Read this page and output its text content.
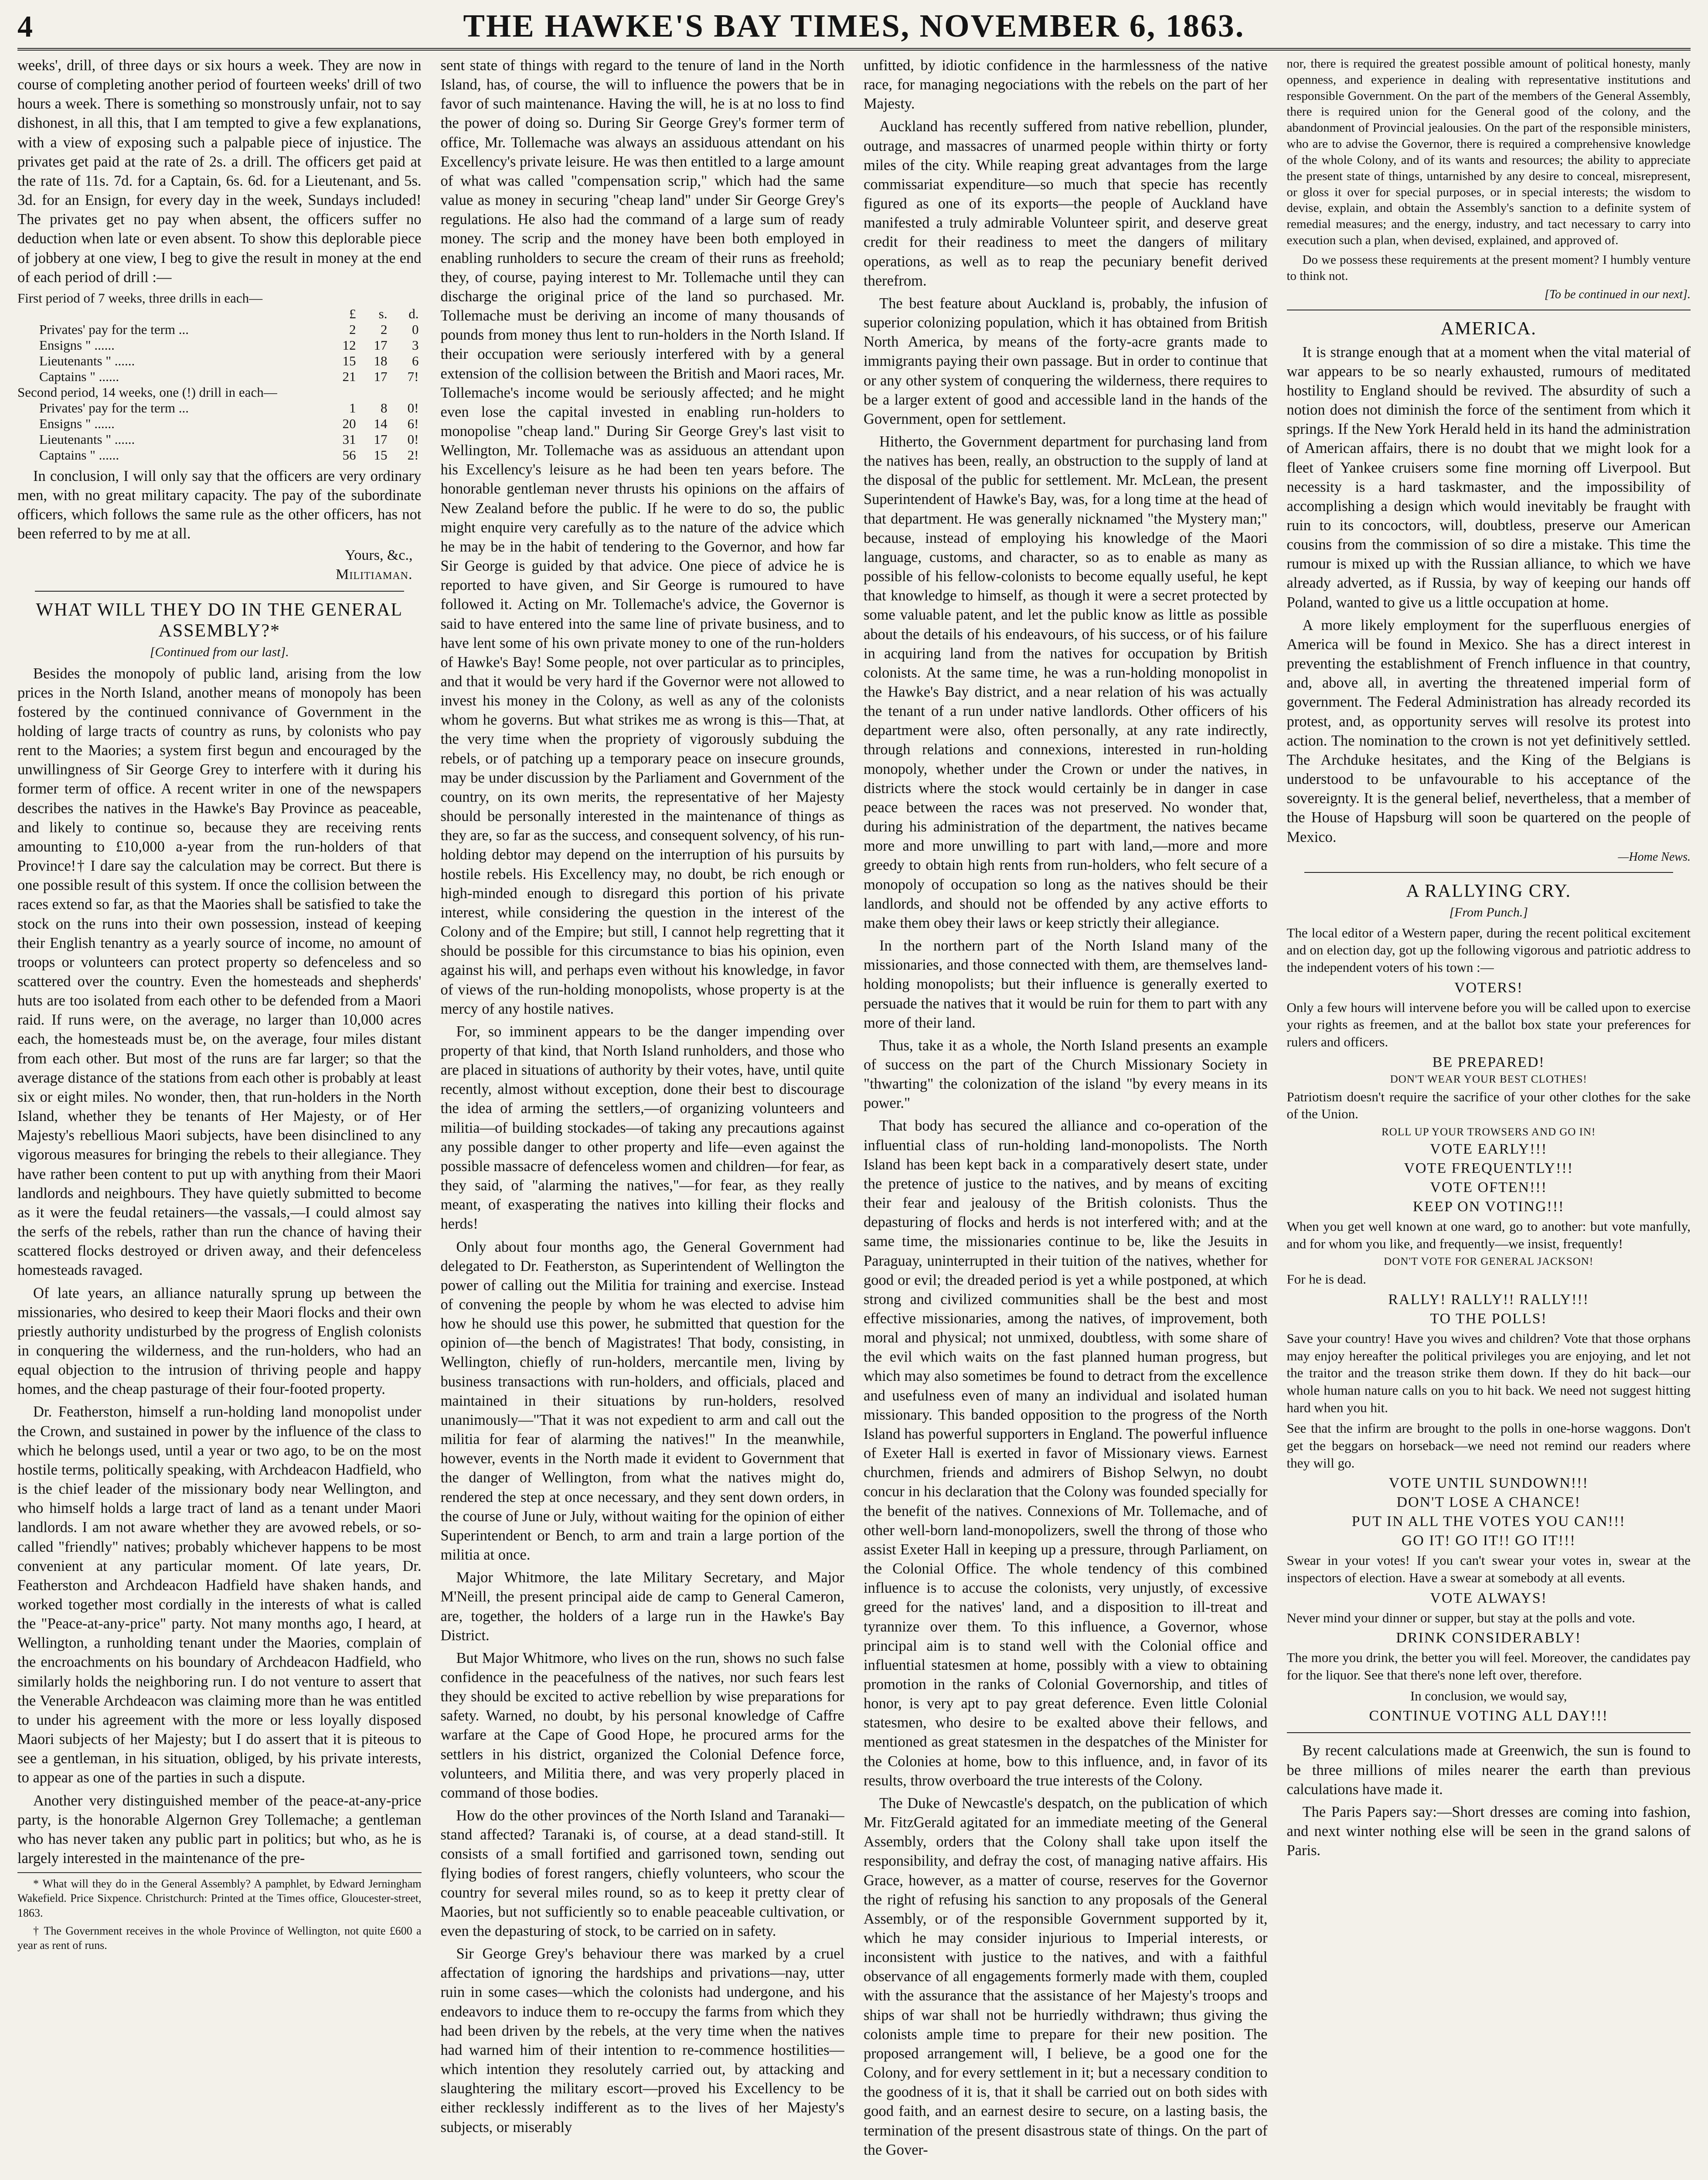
4	THE HAWKE'S BAY TIMES, NOVEMBER 6, 1863.

weeks', drill, of three days or six hours a week. They are now in course of completing another period of fourteen weeks' drill of two hours a week. There is something so monstrously unfair, not to say dishonest, in all this, that I am tempted to give a few explanations, with a view of exposing such a palpable piece of injustice. The privates get paid at the rate of 2s. a drill. The officers get paid at the rate of 11s. 7d. for a Captain, 6s. 6d. for a Lieutenant, and 5s. 3d. for an Ensign, for every day in the week, Sundays included! The privates get no pay when absent, the officers suffer no deduction when late or even absent. To show this deplorable piece of jobbery at one view, I beg to give the result in money at the end of each period of drill :—

First period of 7 weeks, three drills in each—			
	£	s.	d.
Privates' pay for the term ...	2	2	0
Ensigns " ......	12	17	3
Lieutenants " ......	15	18	6
Captains " ......	21	17	7!
Second period, 14 weeks, one (!) drill in each—			
Privates' pay for the term ...	1	8	0!
Ensigns " ......	20	14	6!
Lieutenants " ......	31	17	0!
Captains " ......	56	15	2!

In conclusion, I will only say that the officers are very ordinary men, with no great military capacity. The pay of the subordinate officers, which follows the same rule as the other officers, has not been referred to by me at all.

Yours, &c.,
Militiaman.
WHAT WILL THEY DO IN THE GENERAL ASSEMBLY?*
[Continued from our last].

Besides the monopoly of public land, arising from the low prices in the North Island, another means of monopoly has been fostered by the continued connivance of Government in the holding of large tracts of country as runs, by colonists who pay rent to the Maories; a system first begun and encouraged by the unwillingness of Sir George Grey to interfere with it during his former term of office. A recent writer in one of the newspapers describes the natives in the Hawke's Bay Province as peaceable, and likely to continue so, because they are receiving rents amounting to £10,000 a-year from the run-holders of that Province!† I dare say the calculation may be correct. But there is one possible result of this system. If once the collision between the races extend so far, as that the Maories shall be satisfied to take the stock on the runs into their own possession, instead of keeping their English tenantry as a yearly source of income, no amount of troops or volunteers can protect property so defenceless and so scattered over the country. Even the homesteads and shepherds' huts are too isolated from each other to be defended from a Maori raid. If runs were, on the average, no larger than 10,000 acres each, the homesteads must be, on the average, four miles distant from each other. But most of the runs are far larger; so that the average distance of the stations from each other is probably at least six or eight miles. No wonder, then, that run-holders in the North Island, whether they be tenants of Her Majesty, or of Her Majesty's rebellious Maori subjects, have been disinclined to any vigorous measures for bringing the rebels to their allegiance. They have rather been content to put up with anything from their Maori landlords and neighbours. They have quietly submitted to become as it were the feudal retainers—the vassals,—I could almost say the serfs of the rebels, rather than run the chance of having their scattered flocks destroyed or driven away, and their defenceless homesteads ravaged.

Of late years, an alliance naturally sprung up between the missionaries, who desired to keep their Maori flocks and their own priestly authority undisturbed by the progress of English colonists in conquering the wilderness, and the run-holders, who had an equal objection to the intrusion of thriving people and happy homes, and the cheap pasturage of their four-footed property.

Dr. Featherston, himself a run-holding land monopolist under the Crown, and sustained in power by the influence of the class to which he belongs used, until a year or two ago, to be on the most hostile terms, politically speaking, with Archdeacon Hadfield, who is the chief leader of the missionary body near Wellington, and who himself holds a large tract of land as a tenant under Maori landlords. I am not aware whether they are avowed rebels, or so-called "friendly" natives; probably whichever happens to be most convenient at any particular moment. Of late years, Dr. Featherston and Archdeacon Hadfield have shaken hands, and worked together most cordially in the interests of what is called the "Peace-at-any-price" party. Not many months ago, I heard, at Wellington, a runholding tenant under the Maories, complain of the encroachments on his boundary of Archdeacon Hadfield, who similarly holds the neighboring run. I do not venture to assert that the Venerable Archdeacon was claiming more than he was entitled to under his agreement with the more or less loyally disposed Maori subjects of her Majesty; but I do assert that it is piteous to see a gentleman, in his situation, obliged, by his private interests, to appear as one of the parties in such a dispute.

Another very distinguished member of the peace-at-any-price party, is the honorable Algernon Grey Tollemache; a gentleman who has never taken any public part in politics; but who, as he is largely interested in the maintenance of the pre-

* What will they do in the General Assembly? A pamphlet, by Edward Jerningham Wakefield. Price Sixpence. Christchurch: Printed at the Times office, Gloucester-street, 1863.

† The Government receives in the whole Province of Wellington, not quite £600 a year as rent of runs.

sent state of things with regard to the tenure of land in the North Island, has, of course, the will to influence the powers that be in favor of such maintenance. Having the will, he is at no loss to find the power of doing so. During Sir George Grey's former term of office, Mr. Tollemache was always an assiduous attendant on his Excellency's private leisure. He was then entitled to a large amount of what was called "compensation scrip," which had the same value as money in securing "cheap land" under Sir George Grey's regulations. He also had the command of a large sum of ready money. The scrip and the money have been both employed in enabling runholders to secure the cream of their runs as freehold; they, of course, paying interest to Mr. Tollemache until they can discharge the original price of the land so purchased. Mr. Tollemache must be deriving an income of many thousands of pounds from money thus lent to run-holders in the North Island. If their occupation were seriously interfered with by a general extension of the collision between the British and Maori races, Mr. Tollemache's income would be seriously affected; and he might even lose the capital invested in enabling run-holders to monopolise "cheap land." During Sir George Grey's last visit to Wellington, Mr. Tollemache was as assiduous an attendant upon his Excellency's leisure as he had been ten years before. The honorable gentleman never thrusts his opinions on the affairs of New Zealand before the public. If he were to do so, the public might enquire very carefully as to the nature of the advice which he may be in the habit of tendering to the Governor, and how far Sir George is guided by that advice. One piece of advice he is reported to have given, and Sir George is rumoured to have followed it. Acting on Mr. Tollemache's advice, the Governor is said to have entered into the same line of private business, and to have lent some of his own private money to one of the run-holders of Hawke's Bay! Some people, not over particular as to principles, and that it would be very hard if the Governor were not allowed to invest his money in the Colony, as well as any of the colonists whom he governs. But what strikes me as wrong is this—That, at the very time when the propriety of vigorously subduing the rebels, or of patching up a temporary peace on insecure grounds, may be under discussion by the Parliament and Government of the country, on its own merits, the representative of her Majesty should be personally interested in the maintenance of things as they are, so far as the success, and consequent solvency, of his run-holding debtor may depend on the interruption of his pursuits by hostile rebels. His Excellency may, no doubt, be rich enough or high-minded enough to disregard this portion of his private interest, while considering the question in the interest of the Colony and of the Empire; but still, I cannot help regretting that it should be possible for this circumstance to bias his opinion, even against his will, and perhaps even without his knowledge, in favor of views of the run-holding monopolists, whose property is at the mercy of any hostile natives.

For, so imminent appears to be the danger impending over property of that kind, that North Island runholders, and those who are placed in situations of authority by their votes, have, until quite recently, almost without exception, done their best to discourage the idea of arming the settlers,—of organizing volunteers and militia—of building stockades—of taking any precautions against any possible danger to other property and life—even against the possible massacre of defenceless women and children—for fear, as they said, of "alarming the natives,"—for fear, as they really meant, of exasperating the natives into killing their flocks and herds!

Only about four months ago, the General Government had delegated to Dr. Featherston, as Superintendent of Wellington the power of calling out the Militia for training and exercise. Instead of convening the people by whom he was elected to advise him how he should use this power, he submitted that question for the opinion of—the bench of Magistrates! That body, consisting, in Wellington, chiefly of run-holders, mercantile men, living by business transactions with run-holders, and officials, placed and maintained in their situations by run-holders, resolved unanimously—"That it was not expedient to arm and call out the militia for fear of alarming the natives!" In the meanwhile, however, events in the North made it evident to Government that the danger of Wellington, from what the natives might do, rendered the step at once necessary, and they sent down orders, in the course of June or July, without waiting for the opinion of either Superintendent or Bench, to arm and train a large portion of the militia at once.

Major Whitmore, the late Military Secretary, and Major M'Neill, the present principal aide de camp to General Cameron, are, together, the holders of a large run in the Hawke's Bay District.

But Major Whitmore, who lives on the run, shows no such false confidence in the peacefulness of the natives, nor such fears lest they should be excited to active rebellion by wise preparations for safety. Warned, no doubt, by his personal knowledge of Caffre warfare at the Cape of Good Hope, he procured arms for the settlers in his district, organized the Colonial Defence force, volunteers, and Militia there, and was very properly placed in command of those bodies.

How do the other provinces of the North Island and Taranaki—stand affected? Taranaki is, of course, at a dead stand-still. It consists of a small fortified and garrisoned town, sending out flying bodies of forest rangers, chiefly volunteers, who scour the country for several miles round, so as to keep it pretty clear of Maories, but not sufficiently so to enable peaceable cultivation, or even the depasturing of stock, to be carried on in safety.

Sir George Grey's behaviour there was marked by a cruel affectation of ignoring the hardships and privations—nay, utter ruin in some cases—which the colonists had undergone, and his endeavors to induce them to re-occupy the farms from which they had been driven by the rebels, at the very time when the natives had warned him of their intention to re-commence hostilities—which intention they resolutely carried out, by attacking and slaughtering the military escort—proved his Excellency to be either recklessly indifferent as to the lives of her Majesty's subjects, or miserably

unfitted, by idiotic confidence in the harmlessness of the native race, for managing negociations with the rebels on the part of her Majesty.

Auckland has recently suffered from native rebellion, plunder, outrage, and massacres of unarmed people within thirty or forty miles of the city. While reaping great advantages from the large commissariat expenditure—so much that specie has recently figured as one of its exports—the people of Auckland have manifested a truly admirable Volunteer spirit, and deserve great credit for their readiness to meet the dangers of military operations, as well as to reap the pecuniary benefit derived therefrom.

The best feature about Auckland is, probably, the infusion of superior colonizing population, which it has obtained from British North America, by means of the forty-acre grants made to immigrants paying their own passage. But in order to continue that or any other system of conquering the wilderness, there requires to be a larger extent of good and accessible land in the hands of the Government, open for settlement.

Hitherto, the Government department for purchasing land from the natives has been, really, an obstruction to the supply of land at the disposal of the public for settlement. Mr. McLean, the present Superintendent of Hawke's Bay, was, for a long time at the head of that department. He was generally nicknamed "the Mystery man;" because, instead of employing his knowledge of the Maori language, customs, and character, so as to enable as many as possible of his fellow-colonists to become equally useful, he kept that knowledge to himself, as though it were a secret protected by some valuable patent, and let the public know as little as possible about the details of his endeavours, of his success, or of his failure in acquiring land from the natives for occupation by British colonists. At the same time, he was a run-holding monopolist in the Hawke's Bay district, and a near relation of his was actually the tenant of a run under native landlords. Other officers of his department were also, often personally, at any rate indirectly, through relations and connexions, interested in run-holding monopoly, whether under the Crown or under the natives, in districts where the stock would certainly be in danger in case peace between the races was not preserved. No wonder that, during his administration of the department, the natives became more and more unwilling to part with land,—more and more greedy to obtain high rents from run-holders, who felt secure of a monopoly of occupation so long as the natives should be their landlords, and should not be offended by any active efforts to make them obey their laws or keep strictly their allegiance.

In the northern part of the North Island many of the missionaries, and those connected with them, are themselves land-holding monopolists; but their influence is generally exerted to persuade the natives that it would be ruin for them to part with any more of their land.

Thus, take it as a whole, the North Island presents an example of success on the part of the Church Missionary Society in "thwarting" the colonization of the island "by every means in its power."

That body has secured the alliance and co-operation of the influential class of run-holding land-monopolists. The North Island has been kept back in a comparatively desert state, under the pretence of justice to the natives, and by means of exciting their fear and jealousy of the British colonists. Thus the depasturing of flocks and herds is not interfered with; and at the same time, the missionaries continue to be, like the Jesuits in Paraguay, uninterrupted in their tuition of the natives, whether for good or evil; the dreaded period is yet a while postponed, at which strong and civilized communities shall be the best and most effective missionaries, among the natives, of improvement, both moral and physical; not unmixed, doubtless, with some share of the evil which waits on the fast planned human progress, but which may also sometimes be found to detract from the excellence and usefulness even of many an individual and isolated human missionary. This banded opposition to the progress of the North Island has powerful supporters in England. The powerful influence of Exeter Hall is exerted in favor of Missionary views. Earnest churchmen, friends and admirers of Bishop Selwyn, no doubt concur in his declaration that the Colony was founded specially for the benefit of the natives. Connexions of Mr. Tollemache, and of other well-born land-monopolizers, swell the throng of those who assist Exeter Hall in keeping up a pressure, through Parliament, on the Colonial Office. The whole tendency of this combined influence is to accuse the colonists, very unjustly, of excessive greed for the natives' land, and a disposition to ill-treat and tyrannize over them. To this influence, a Governor, whose principal aim is to stand well with the Colonial office and influential statesmen at home, possibly with a view to obtaining promotion in the ranks of Colonial Governorship, and titles of honor, is very apt to pay great deference. Even little Colonial statesmen, who desire to be exalted above their fellows, and mentioned as great statesmen in the despatches of the Minister for the Colonies at home, bow to this influence, and, in favor of its results, throw overboard the true interests of the Colony.

The Duke of Newcastle's despatch, on the publication of which Mr. FitzGerald agitated for an immediate meeting of the General Assembly, orders that the Colony shall take upon itself the responsibility, and defray the cost, of managing native affairs. His Grace, however, as a matter of course, reserves for the Governor the right of refusing his sanction to any proposals of the General Assembly, or of the responsible Government supported by it, which he may consider injurious to Imperial interests, or inconsistent with justice to the natives, and with a faithful observance of all engagements formerly made with them, coupled with the assurance that the assistance of her Majesty's troops and ships of war shall not be hurriedly withdrawn; thus giving the colonists ample time to prepare for their new position. The proposed arrangement will, I believe, be a good one for the Colony, and for every settlement in it; but a necessary condition to the goodness of it is, that it shall be carried out on both sides with good faith, and an earnest desire to secure, on a lasting basis, the termination of the present disastrous state of things. On the part of the Gover-

nor, there is required the greatest possible amount of political honesty, manly openness, and experience in dealing with representative institutions and responsible Government. On the part of the members of the General Assembly, there is required union for the General good of the colony, and the abandonment of Provincial jealousies. On the part of the responsible ministers, who are to advise the Governor, there is required a comprehensive knowledge of the whole Colony, and of its wants and resources; the ability to appreciate the present state of things, untarnished by any desire to conceal, misrepresent, or gloss it over for special purposes, or in special interests; the wisdom to devise, explain, and obtain the Assembly's sanction to a definite system of remedial measures; and the energy, industry, and tact necessary to carry into execution such a plan, when devised, explained, and approved of.

Do we possess these requirements at the present moment? I humbly venture to think not.

[To be continued in our next].
AMERICA.

It is strange enough that at a moment when the vital material of war appears to be so nearly exhausted, rumours of meditated hostility to England should be revived. The absurdity of such a notion does not diminish the force of the sentiment from which it springs. If the New York Herald held in its hand the administration of American affairs, there is no doubt that we might look for a fleet of Yankee cruisers some fine morning off Liverpool. But necessity is a hard taskmaster, and the impossibility of accomplishing a design which would inevitably be fraught with ruin to its concoctors, will, doubtless, preserve our American cousins from the commission of so dire a mistake. This time the rumour is mixed up with the Russian alliance, to which we have already adverted, as if Russia, by way of keeping our hands off Poland, wanted to give us a little occupation at home.

A more likely employment for the superfluous energies of America will be found in Mexico. She has a direct interest in preventing the establishment of French influence in that country, and, above all, in averting the threatened imperial form of government. The Federal Administration has already recorded its protest, and, as opportunity serves will resolve its protest into action. The nomination to the crown is not yet definitively settled. The Archduke hesitates, and the King of the Belgians is understood to be unfavourable to his acceptance of the sovereignty. It is the general belief, nevertheless, that a member of the House of Hapsburg will soon be quartered on the people of Mexico.

—Home News.
A RALLYING CRY.
[From Punch.]

The local editor of a Western paper, during the recent political excitement and on election day, got up the following vigorous and patriotic address to the independent voters of his town :—

VOTERS!

Only a few hours will intervene before you will be called upon to exercise your rights as freemen, and at the ballot box state your preferences for rulers and officers.

BE PREPARED!
DON'T WEAR YOUR BEST CLOTHES!

Patriotism doesn't require the sacrifice of your other clothes for the sake of the Union.

ROLL UP YOUR TROWSERS AND GO IN!
VOTE EARLY!!!
VOTE FREQUENTLY!!!
VOTE OFTEN!!!
KEEP ON VOTING!!!

When you get well known at one ward, go to another: but vote manfully, and for whom you like, and frequently—we insist, frequently!

DON'T VOTE FOR GENERAL JACKSON!

For he is dead.

RALLY! RALLY!! RALLY!!!
TO THE POLLS!

Save your country! Have you wives and children? Vote that those orphans may enjoy hereafter the political privileges you are enjoying, and let not the traitor and the treason strike them down. If they do hit back—our whole human nature calls on you to hit back. We need not suggest hitting hard when you hit.

See that the infirm are brought to the polls in one-horse waggons. Don't get the beggars on horseback—we need not remind our readers where they will go.

VOTE UNTIL SUNDOWN!!!
DON'T LOSE A CHANCE!
PUT IN ALL THE VOTES YOU CAN!!!
GO IT! GO IT!! GO IT!!!

Swear in your votes! If you can't swear your votes in, swear at the inspectors of election. Have a swear at somebody at all events.

VOTE ALWAYS!

Never mind your dinner or supper, but stay at the polls and vote.

DRINK CONSIDERABLY!

The more you drink, the better you will feel. Moreover, the candidates pay for the liquor. See that there's none left over, therefore.

In conclusion, we would say,

CONTINUE VOTING ALL DAY!!!

By recent calculations made at Greenwich, the sun is found to be three millions of miles nearer the earth than previous calculations have made it.

The Paris Papers say:—Short dresses are coming into fashion, and next winter nothing else will be seen in the grand salons of Paris.
